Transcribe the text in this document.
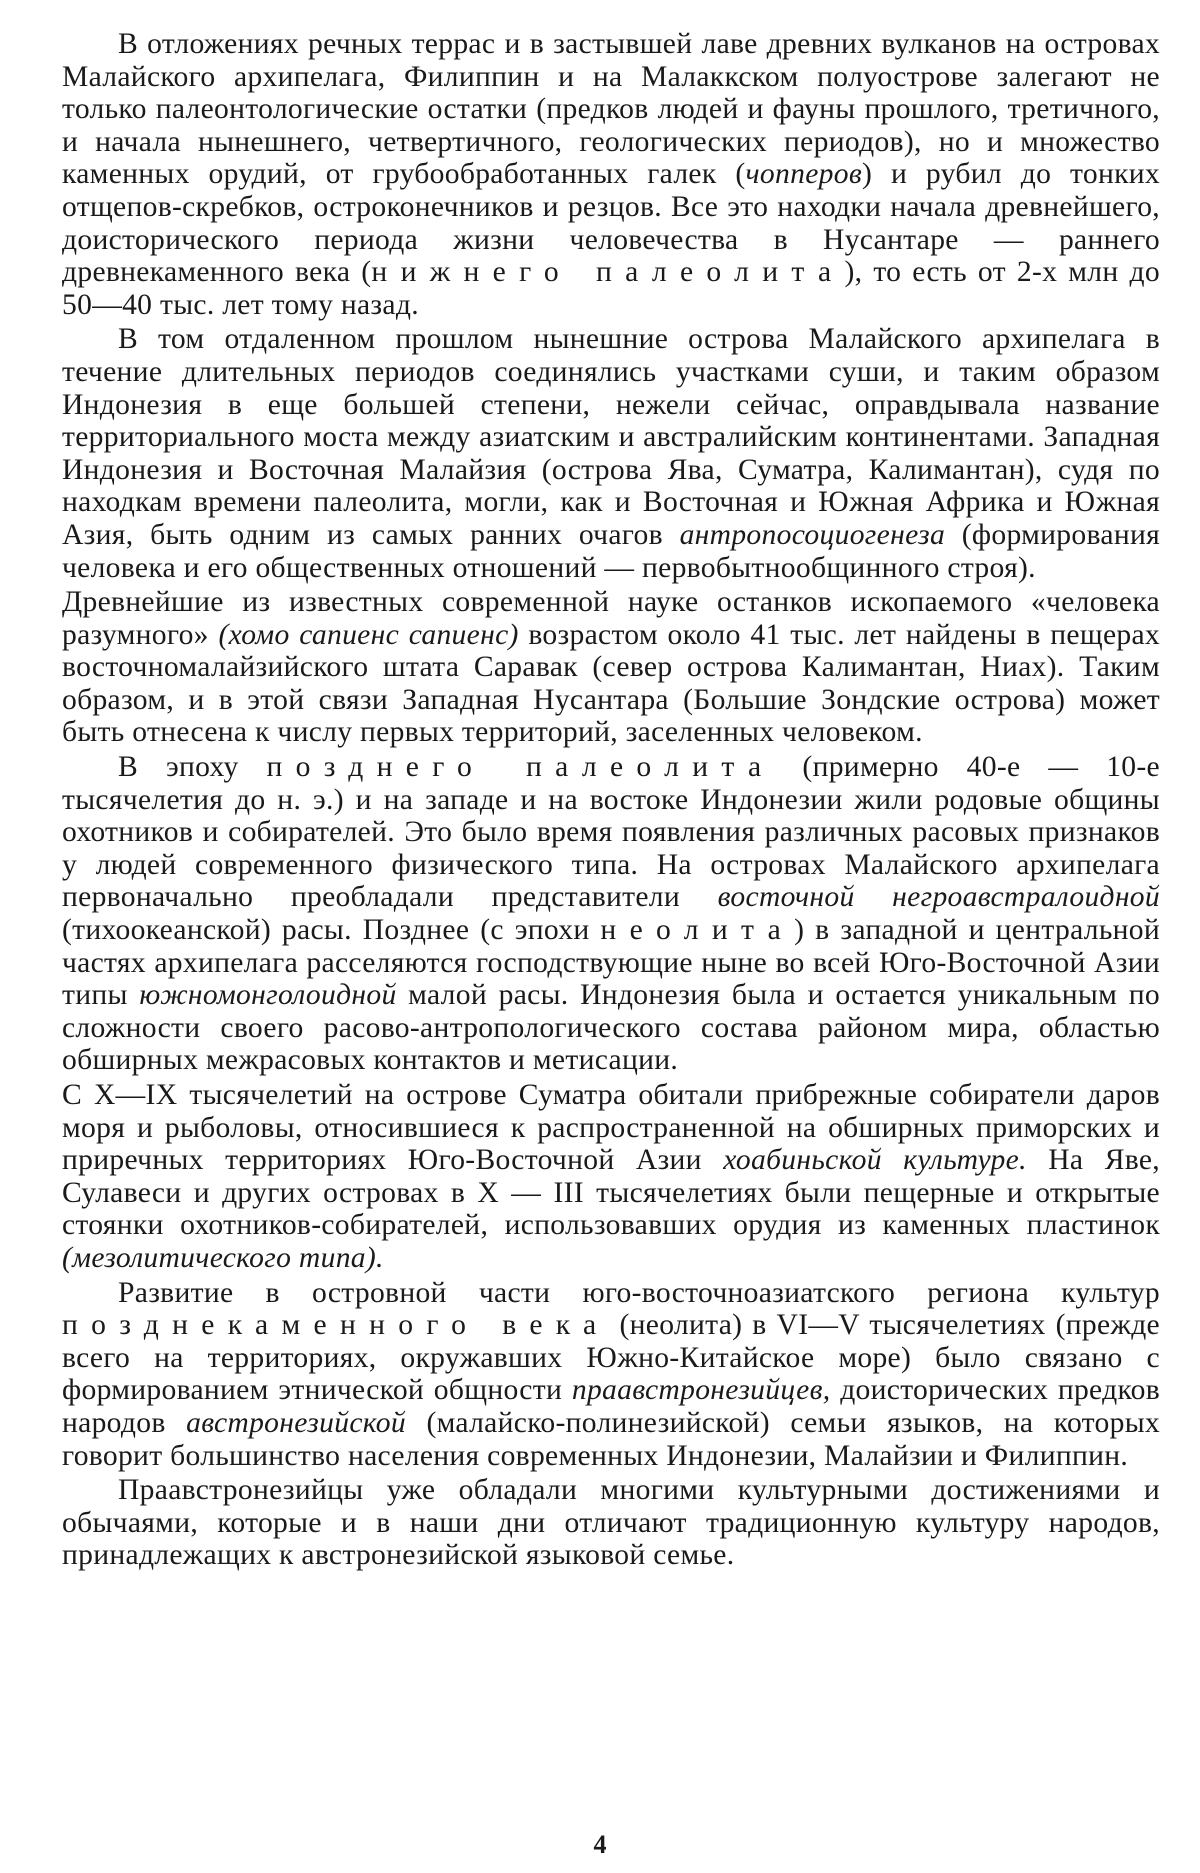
В отложениях речных террас и в застывшей лаве древних вулканов на островах Малайского архипелага, Филиппин и на Малаккском полуострове залегают не только палеонтологические остатки (предков людей и фауны прошлого, третичного, и начала нынешнего, четвертичного, геологических периодов), но и множество каменных орудий, от грубообработанных галек (чопперов) и рубил до тонких отщепов-скребков, остроконечников и резцов. Все это находки начала древнейшего, доисторического периода жизни человечества в Нусантаре — раннего древнекаменного века (нижнего палеолита), то есть от 2-х млн до 50—40 тыс. лет тому назад.

В том отдаленном прошлом нынешние острова Малайского архипелага в течение длительных периодов соединялись участками суши, и таким образом Индонезия в еще большей степени, нежели сейчас, оправдывала название территориального моста между азиатским и австралийским континентами. Западная Индонезия и Восточная Малайзия (острова Ява, Суматра, Калимантан), судя по находкам времени палеолита, могли, как и Восточная и Южная Африка и Южная Азия, быть одним из самых ранних очагов антропосоциогенеза (формирования человека и его общественных отношений — первобытнообщинного строя).

Древнейшие из известных современной науке останков ископаемого «человека разумного» (хомо сапиенс сапиенс) возрастом около 41 тыс. лет найдены в пещерах восточномалайзийского штата Саравак (север острова Калимантан, Ниах). Таким образом, и в этой связи Западная Нусантара (Большие Зондские острова) может быть отнесена к числу первых территорий, заселенных человеком.

В эпоху позднего палеолита (примерно 40-е — 10-е тысячелетия до н. э.) и на западе и на востоке Индонезии жили родовые общины охотников и собирателей. Это было время появления различных расовых признаков у людей современного физического типа. На островах Малайского архипелага первоначально преобладали представители восточной негроавстралоидной (тихоокеанской) расы. Позднее (с эпохи неолита) в западной и центральной частях архипелага расселяются господствующие ныне во всей Юго-Восточной Азии типы южномонголоидной малой расы. Индонезия была и остается уникальным по сложности своего расово-антропологического состава районом мира, областью обширных межрасовых контактов и метисации.

С X—IX тысячелетий на острове Суматра обитали прибрежные собиратели даров моря и рыболовы, относившиеся к распространенной на обширных приморских и приречных территориях Юго-Восточной Азии хоабиньской культуре. На Яве, Сулавеси и других островах в X — III тысячелетиях были пещерные и открытые стоянки охотников-собирателей, использовавших орудия из каменных пластинок (мезолитического типа).

Развитие в островной части юго-восточноазиатского региона культур позднекаменного века (неолита) в VI—V тысячелетиях (прежде всего на территориях, окружавших Южно-Китайское море) было связано с формированием этнической общности праавстронезийцев, доисторических предков народов австронезийской (малайско-полинезийской) семьи языков, на которых говорит большинство населения современных Индонезии, Малайзии и Филиппин.

Праавстронезийцы уже обладали многими культурными достижениями и обычаями, которые и в наши дни отличают традиционную культуру народов, принадлежащих к австронезийской языковой семье.

4
